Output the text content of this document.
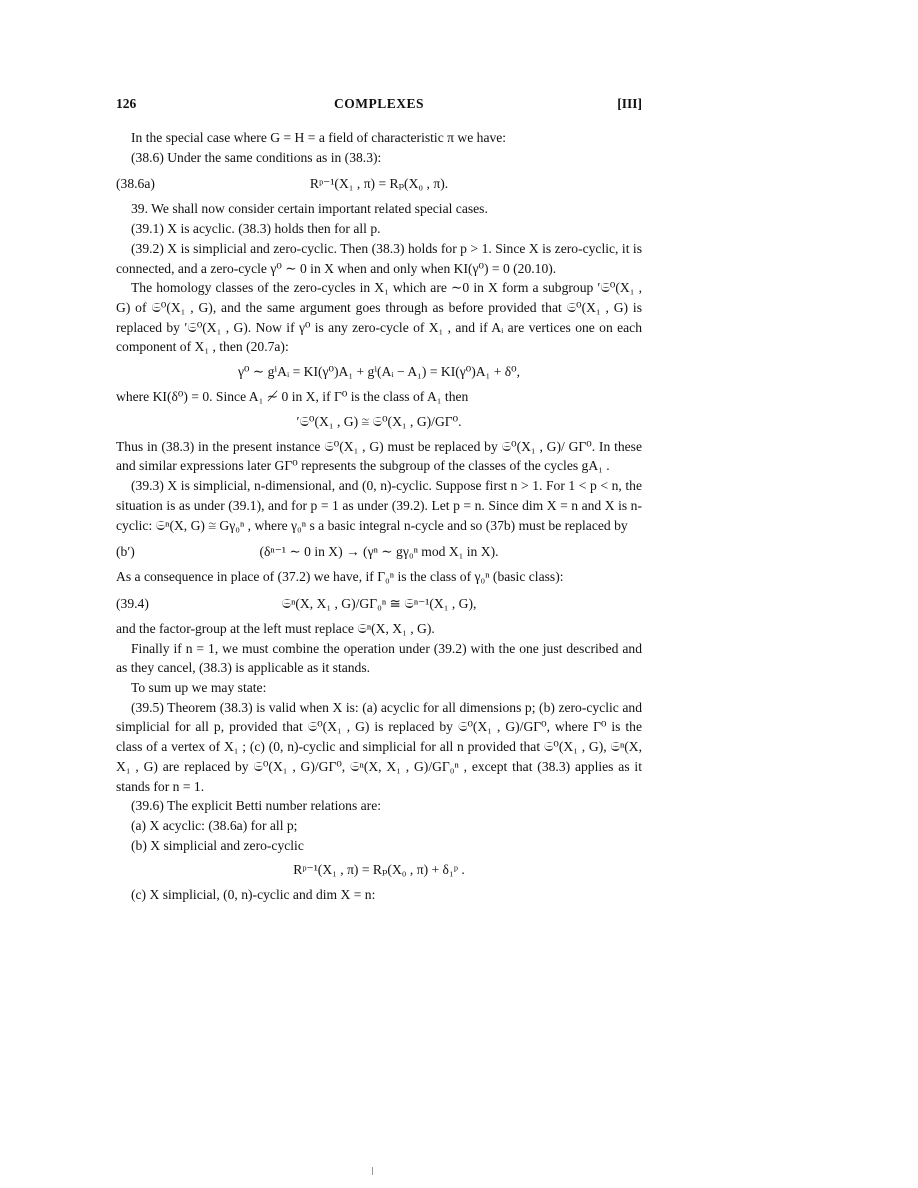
126	COMPLEXES	[III]

In the special case where G = H = a field of characteristic π we have:

(38.6) Under the same conditions as in (38.3):

(38.6a)	Rᵖ⁻¹(X₁ , π) = Rₚ(X₀ , π).

39. We shall now consider certain important related special cases.

(39.1) X is acyclic. (38.3) holds then for all p.

(39.2) X is simplicial and zero-cyclic. Then (38.3) holds for p > 1. Since X is zero-cyclic, it is connected, and a zero-cycle γ⁰ ∼ 0 in X when and only when KI(γ⁰) = 0 (20.10).

The homology classes of the zero-cycles in X₁ which are ∼0 in X form a subgroup ′𝔖⁰(X₁ , G) of 𝔖⁰(X₁ , G), and the same argument goes through as before provided that 𝔖⁰(X₁ , G) is replaced by ′𝔖⁰(X₁ , G). Now if γ⁰ is any zero-cycle of X₁ , and if Aᵢ are vertices one on each component of X₁ , then (20.7a):

γ⁰ ∼ gⁱAᵢ = KI(γ⁰)A₁ + gⁱ(Aᵢ − A₁) = KI(γ⁰)A₁ + δ⁰,

where KI(δ⁰) = 0. Since A₁ ≁ 0 in X, if Γ⁰ is the class of A₁ then

′𝔖⁰(X₁ , G) ≅ 𝔖⁰(X₁ , G)/GΓ⁰.

Thus in (38.3) in the present instance 𝔖⁰(X₁ , G) must be replaced by 𝔖⁰(X₁ , G)/ GΓ⁰. In these and similar expressions later GΓ⁰ represents the subgroup of the classes of the cycles gA₁ .

(39.3) X is simplicial, n-dimensional, and (0, n)-cyclic. Suppose first n > 1. For 1 < p < n, the situation is as under (39.1), and for p = 1 as under (39.2). Let p = n. Since dim X = n and X is n-cyclic: 𝔖ⁿ(X, G) ≅ Gγ₀ⁿ , where γ₀ⁿ s a basic integral n-cycle and so (37b) must be replaced by

(b′)	(δⁿ⁻¹ ∼ 0 in X) → (γⁿ ∼ gγ₀ⁿ mod X₁ in X).

As a consequence in place of (37.2) we have, if Γ₀ⁿ is the class of γ₀ⁿ (basic class):

(39.4)	𝔖ⁿ(X, X₁ , G)/GΓ₀ⁿ ≅ 𝔖ⁿ⁻¹(X₁ , G),

and the factor-group at the left must replace 𝔖ⁿ(X, X₁ , G).

Finally if n = 1, we must combine the operation under (39.2) with the one just described and as they cancel, (38.3) is applicable as it stands.

To sum up we may state:

(39.5) Theorem (38.3) is valid when X is: (a) acyclic for all dimensions p; (b) zero-cyclic and simplicial for all p, provided that 𝔖⁰(X₁ , G) is replaced by 𝔖⁰(X₁ , G)/GΓ⁰, where Γ⁰ is the class of a vertex of X₁ ; (c) (0, n)-cyclic and simplicial for all n provided that 𝔖⁰(X₁ , G), 𝔖ⁿ(X, X₁ , G) are replaced by 𝔖⁰(X₁ , G)/GΓ⁰, 𝔖ⁿ(X, X₁ , G)/GΓ₀ⁿ , except that (38.3) applies as it stands for n = 1.

(39.6) The explicit Betti number relations are:

(a) X acyclic: (38.6a) for all p;

(b) X simplicial and zero-cyclic

Rᵖ⁻¹(X₁ , π) = Rₚ(X₀ , π) + δ₁ᵖ .

(c) X simplicial, (0, n)-cyclic and dim X = n:
